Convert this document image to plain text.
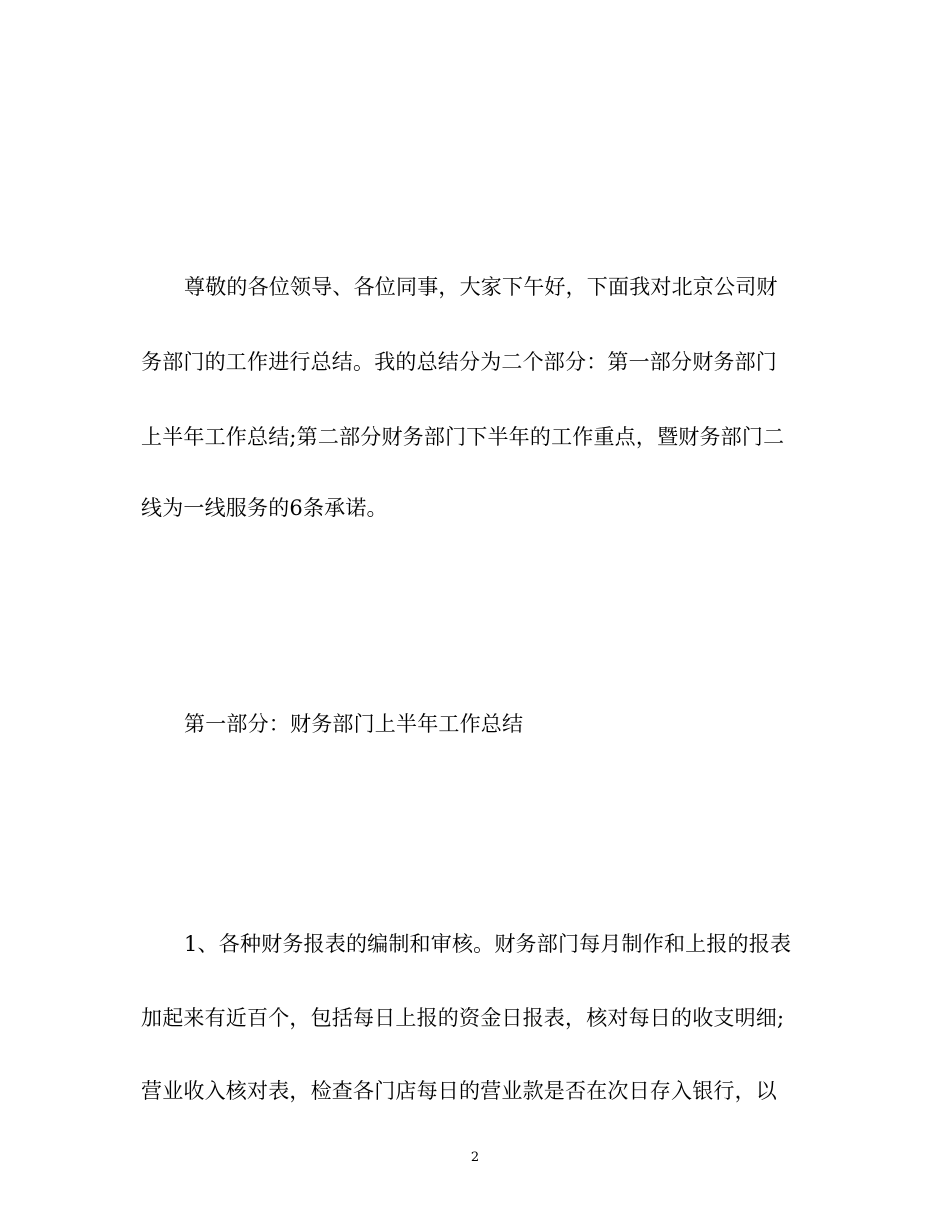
尊敬的各位领导、各位同事，大家下午好，下面我对北京公司财
务部门的工作进行总结。我的总结分为二个部分：第一部分财务部门
上半年工作总结;第二部分财务部门下半年的工作重点，暨财务部门二
线为一线服务的6条承诺。
第一部分：财务部门上半年工作总结
1、各种财务报表的编制和审核。财务部门每月制作和上报的报表
加起来有近百个，包括每日上报的资金日报表，核对每日的收支明细;
营业收入核对表，检查各门店每日的营业款是否在次日存入银行，以
2
